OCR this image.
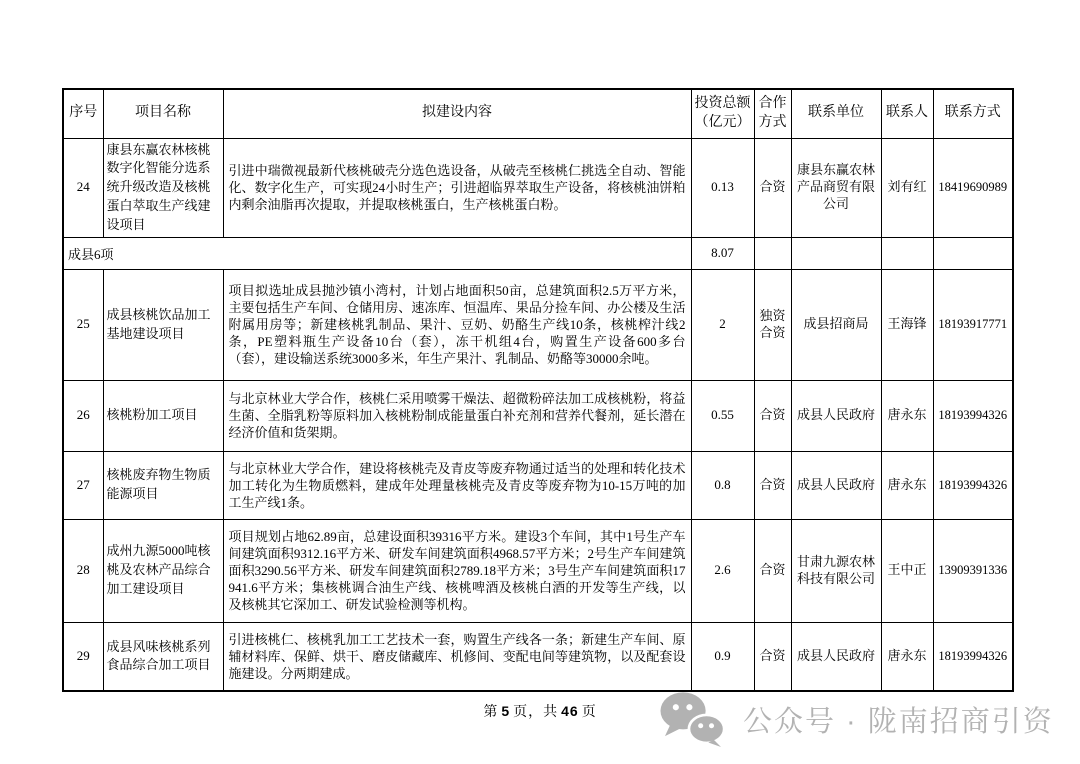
序号	项目名称	拟建设内容	投资总额（亿元）	合作方式	联系单位	联系人	联系方式
24	康县东赢农林核桃数字化智能分选系统升级改造及核桃蛋白萃取生产线建设项目	引进中瑞微视最新代核桃破壳分选色选设备，从破壳至核桃仁挑选全自动、智能化、数字化生产，可实现24小时生产；引进超临界萃取生产设备，将核桃油饼粕内剩余油脂再次提取，并提取核桃蛋白，生产核桃蛋白粉。	0.13	合资	康县东赢农林产品商贸有限公司	刘有红	18419690989
成县6项			8.07				
25	成县核桃饮品加工基地建设项目	项目拟选址成县抛沙镇小湾村，计划占地面积50亩，总建筑面积2.5万平方米，主要包括生产车间、仓储用房、速冻库、恒温库、果品分捡车间、办公楼及生活附属用房等；新建核桃乳制品、果汁、豆奶、奶酪生产线10条，核桃榨汁线2条，PE塑料瓶生产设备10台（套），冻干机组4台，购置生产设备600多台（套），建设输送系统3000多米，年生产果汁、乳制品、奶酪等30000余吨。	2	独资合资	成县招商局	王海锋	18193917771
26	核桃粉加工项目	与北京林业大学合作，核桃仁采用喷雾干燥法、超微粉碎法加工成核桃粉，将益生菌、全脂乳粉等原料加入核桃粉制成能量蛋白补充剂和营养代餐剂，延长潜在经济价值和货架期。	0.55	合资	成县人民政府	唐永东	18193994326
27	核桃废弃物生物质能源项目	与北京林业大学合作，建设将核桃壳及青皮等废弃物通过适当的处理和转化技术加工转化为生物质燃料，建成年处理量核桃壳及青皮等废弃物为10-15万吨的加工生产线1条。	0.8	合资	成县人民政府	唐永东	18193994326
28	成州九源5000吨核桃及农林产品综合加工建设项目	项目规划占地62.89亩，总建设面积39316平方米。建设3个车间，其中1号生产车间建筑面积9312.16平方米、研发车间建筑面积4968.57平方米；2号生产车间建筑面积3290.56平方米、研发车间建筑面积2789.18平方米；3号生产车间建筑面积17941.6平方米；集核桃调合油生产线、核桃啤酒及核桃白酒的开发等生产线，以及核桃其它深加工、研发试验检测等机构。	2.6	合资	甘肃九源农林科技有限公司	王中正	13909391336
29	成县风味核桃系列食品综合加工项目	引进核桃仁、核桃乳加工工艺技术一套，购置生产线各一条；新建生产车间、原辅材料库、保鲜、烘干、磨皮储藏库、机修间、变配电间等建筑物，以及配套设施建设。分两期建成。	0.9	合资	成县人民政府	唐永东	18193994326
第 5 页，共 46 页	公众号 · 陇南招商引资
